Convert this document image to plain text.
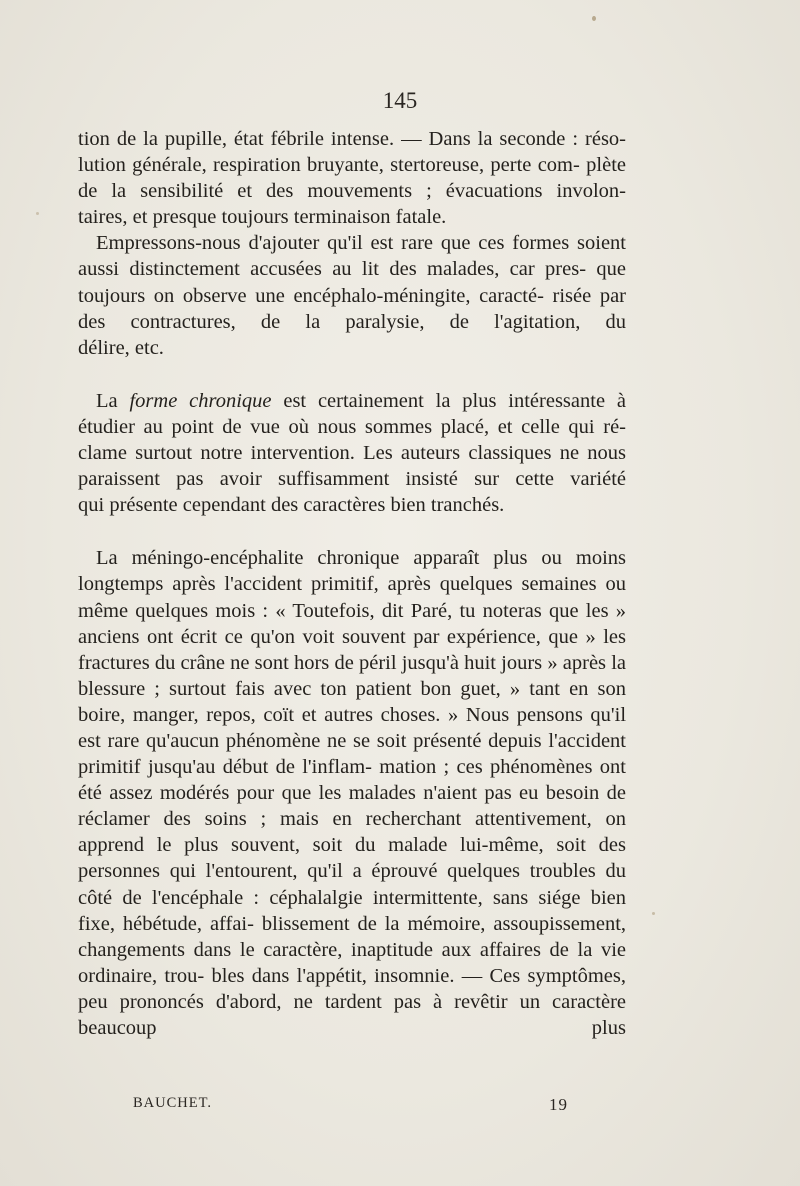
145

tion de la pupille, état fébrile intense. — Dans la seconde : réso- lution générale, respiration bruyante, stertoreuse, perte com- plète de la sensibilité et des mouvements ; évacuations involon-

taires, et presque toujours terminaison fatale.

Empressons-nous d'ajouter qu'il est rare que ces formes soient aussi distinctement accusées au lit des malades, car pres- que toujours on observe une encéphalo-méningite, caracté- risée par des contractures, de la paralysie, de l'agitation, du

délire, etc.

La forme chronique est certainement la plus intéressante à étudier au point de vue où nous sommes placé, et celle qui ré- clame surtout notre intervention. Les auteurs classiques ne nous paraissent pas avoir suffisamment insisté sur cette variété

qui présente cependant des caractères bien tranchés.

La méningo-encéphalite chronique apparaît plus ou moins longtemps après l'accident primitif, après quelques semaines ou même quelques mois : « Toutefois, dit Paré, tu noteras que les » anciens ont écrit ce qu'on voit souvent par expérience, que » les fractures du crâne ne sont hors de péril jusqu'à huit jours » après la blessure ; surtout fais avec ton patient bon guet, » tant en son boire, manger, repos, coït et autres choses. » Nous pensons qu'il est rare qu'aucun phénomène ne se soit présenté depuis l'accident primitif jusqu'au début de l'inflam- mation ; ces phénomènes ont été assez modérés pour que les malades n'aient pas eu besoin de réclamer des soins ; mais en recherchant attentivement, on apprend le plus souvent, soit du malade lui-même, soit des personnes qui l'entourent, qu'il a éprouvé quelques troubles du côté de l'encéphale : céphalalgie intermittente, sans siége bien fixe, hébétude, affai- blissement de la mémoire, assoupissement, changements dans le caractère, inaptitude aux affaires de la vie ordinaire, trou- bles dans l'appétit, insomnie. — Ces symptômes, peu prononcés d'abord, ne tardent pas à revêtir un caractère beaucoup plus

BAUCHET.	19
